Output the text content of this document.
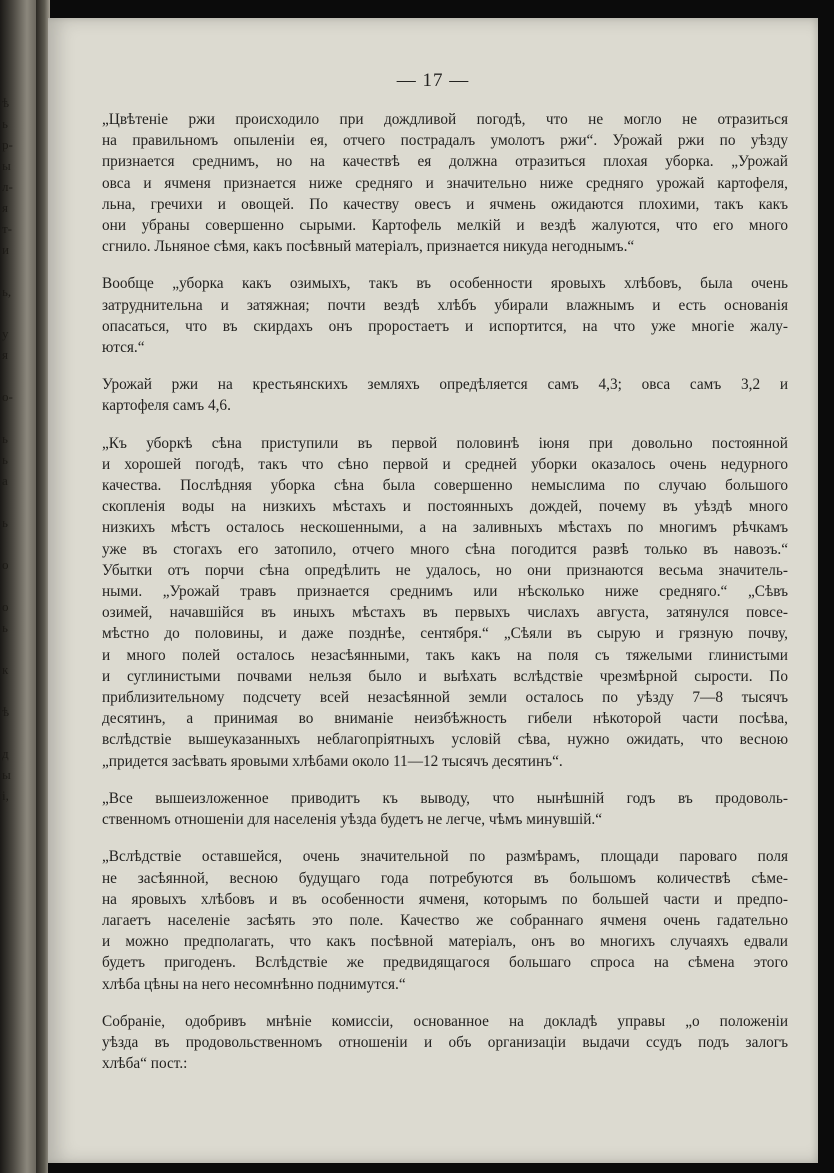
ѣ
ь
р-
ы
л-
я
т-
и
ь,
у
я
о-
ь
ь
а
ь
о
о
ь
к
ѣ
д
ы
і,
— 17 —

„Цвѣтеніе ржи происходило при дождливой погодѣ, что не могло не отразиться
на правильномъ опыленіи ея, отчего пострадалъ умолотъ ржи“. Урожай ржи по уѣзду
признается среднимъ, но на качествѣ ея должна отразиться плохая уборка. „Урожай
овса и ячменя признается ниже средняго и значительно ниже средняго урожай картофеля,
льна, гречихи и овощей. По качеству овесъ и ячмень ожидаются плохими, такъ какъ
они убраны совершенно сырыми. Картофель мелкій и вездѣ жалуются, что его много
сгнило. Льняное сѣмя, какъ посѣвный матеріалъ, признается никуда негоднымъ.“

Вообще „уборка какъ озимыхъ, такъ въ особенности яровыхъ хлѣбовъ, была очень
затруднительна и затяжная; почти вездѣ хлѣбъ убирали влажнымъ и есть основанія
опасаться, что въ скирдахъ онъ проростаетъ и испортится, на что уже многіе жалу-
ются.“

Урожай ржи на крестьянскихъ земляхъ опредѣляется самъ 4,3; овса самъ 3,2 и
картофеля самъ 4,6.

„Къ уборкѣ сѣна приступили въ первой половинѣ іюня при довольно постоянной
и хорошей погодѣ, такъ что сѣно первой и средней уборки оказалось очень недурного
качества. Послѣдняя уборка сѣна была совершенно немыслима по случаю большого
скопленія воды на низкихъ мѣстахъ и постоянныхъ дождей, почему въ уѣздѣ много
низкихъ мѣстъ осталось нескошенными, а на заливныхъ мѣстахъ по многимъ рѣчкамъ
уже въ стогахъ его затопило, отчего много сѣна погодится развѣ только въ навозъ.“
Убытки отъ порчи сѣна опредѣлить не удалось, но они признаются весьма значитель-
ными. „Урожай травъ признается среднимъ или нѣсколько ниже средняго.“ „Сѣвъ
озимей, начавшійся въ иныхъ мѣстахъ въ первыхъ числахъ августа, затянулся повсе-
мѣстно до половины, и даже позднѣе, сентября.“ „Сѣяли въ сырую и грязную почву,
и много полей осталось незасѣянными, такъ какъ на поля съ тяжелыми глинистыми
и суглинистыми почвами нельзя было и выѣхать вслѣдствіе чрезмѣрной сырости. По
приблизительному подсчету всей незасѣянной земли осталось по уѣзду 7—8 тысячъ
десятинъ, а принимая во вниманіе неизбѣжность гибели нѣкоторой части посѣва,
вслѣдствіе вышеуказанныхъ неблагопріятныхъ условій сѣва, нужно ожидать, что весною
„придется засѣвать яровыми хлѣбами около 11—12 тысячъ десятинъ“.

„Все вышеизложенное приводитъ къ выводу, что нынѣшній годъ въ продоволь-
ственномъ отношеніи для населенія уѣзда будетъ не легче, чѣмъ минувшій.“

„Вслѣдствіе оставшейся, очень значительной по размѣрамъ, площади пароваго поля
не засѣянной, весною будущаго года потребуются въ большомъ количествѣ сѣме-
на яровыхъ хлѣбовъ и въ особенности ячменя, которымъ по большей части и предпо-
лагаетъ населеніе засѣять это поле. Качество же собраннаго ячменя очень гадательно
и можно предполагать, что какъ посѣвной матеріалъ, онъ во многихъ случаяхъ едвали
будетъ пригоденъ. Вслѣдствіе же предвидящагося большаго спроса на сѣмена этого
хлѣба цѣны на него несомнѣнно поднимутся.“

Собраніе, одобривъ мнѣніе комиссіи, основанное на докладѣ управы „о положеніи
уѣзда въ продовольственномъ отношеніи и объ организаціи выдачи ссудъ подъ залогъ
хлѣба“ пост.:
